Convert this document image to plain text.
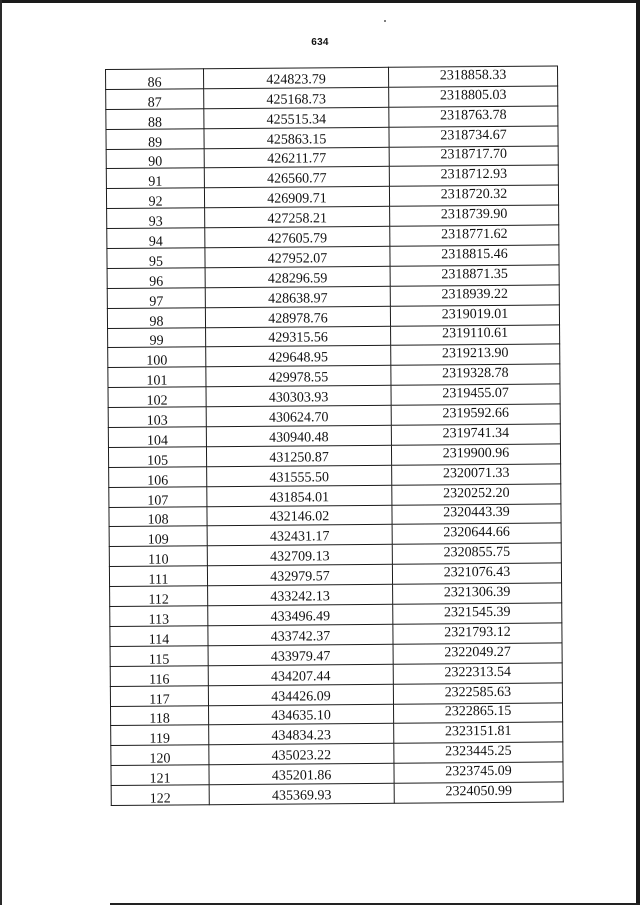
634
86	424823.79	2318858.33
87	425168.73	2318805.03
88	425515.34	2318763.78
89	425863.15	2318734.67
90	426211.77	2318717.70
91	426560.77	2318712.93
92	426909.71	2318720.32
93	427258.21	2318739.90
94	427605.79	2318771.62
95	427952.07	2318815.46
96	428296.59	2318871.35
97	428638.97	2318939.22
98	428978.76	2319019.01
99	429315.56	2319110.61
100	429648.95	2319213.90
101	429978.55	2319328.78
102	430303.93	2319455.07
103	430624.70	2319592.66
104	430940.48	2319741.34
105	431250.87	2319900.96
106	431555.50	2320071.33
107	431854.01	2320252.20
108	432146.02	2320443.39
109	432431.17	2320644.66
110	432709.13	2320855.75
111	432979.57	2321076.43
112	433242.13	2321306.39
113	433496.49	2321545.39
114	433742.37	2321793.12
115	433979.47	2322049.27
116	434207.44	2322313.54
117	434426.09	2322585.63
118	434635.10	2322865.15
119	434834.23	2323151.81
120	435023.22	2323445.25
121	435201.86	2323745.09
122	435369.93	2324050.99
